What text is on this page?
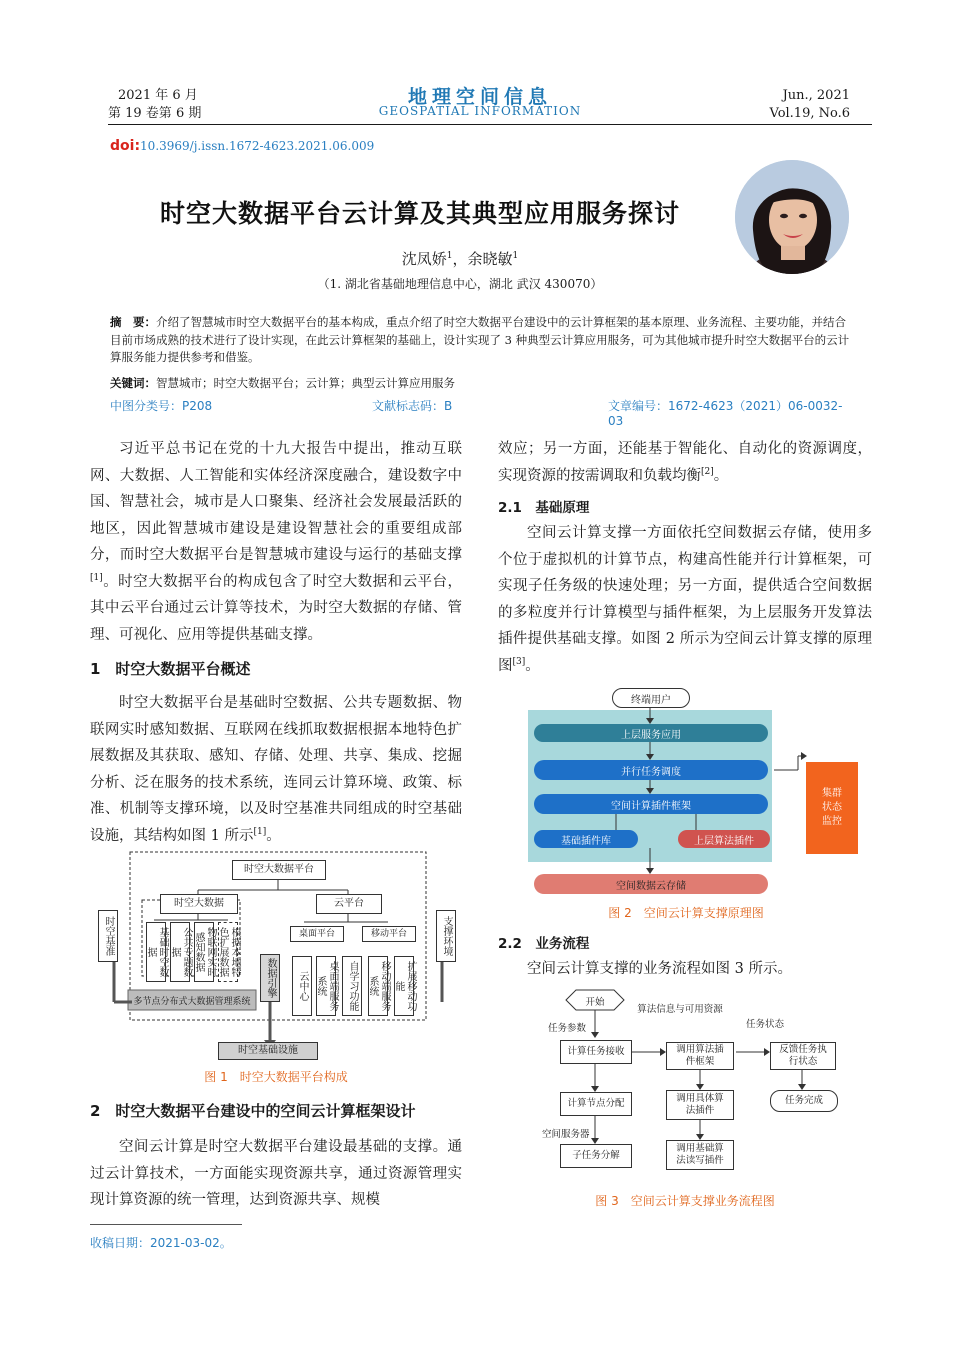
2021 年 6 月
第 19 卷第 6 期
地理空间信息
GEOSPATIAL INFORMATION
Jun., 2021
Vol.19, No.6
doi:10.3969/j.issn.1672-4623.2021.06.009
时空大数据平台云计算及其典型应用服务探讨
沈凤娇$^1$，余晓敏$^1$
（1. 湖北省基础地理信息中心，湖北 武汉 430070）
摘　要：介绍了智慧城市时空大数据平台的基本构成，重点介绍了时空大数据平台建设中的云计算框架的基本原理、业务流程、主要功能，并结合目前市场成熟的技术进行了设计实现，在此云计算框架的基础上，设计实现了 3 种典型云计算应用服务，可为其他城市提升时空大数据平台的云计算服务能力提供参考和借鉴。
关键词：智慧城市；时空大数据平台；云计算；典型云计算应用服务
中图分类号：P208	文献标志码：B	文章编号：1672-4623（2021）06-0032-03
习近平总书记在党的十九大报告中提出，推动互联网、大数据、人工智能和实体经济深度融合，建设数字中国、智慧社会，城市是人口聚集、经济社会发展最活跃的地区，因此智慧城市建设是建设智慧社会的重要组成部分，而时空大数据平台是智慧城市建设与运行的基础支撑[1]。时空大数据平台的构成包含了时空大数据和云平台，其中云平台通过云计算等技术，为时空大数据的存储、管理、可视化、应用等提供基础支撑。
1　时空大数据平台概述
时空大数据平台是基础时空数据、公共专题数据、物联网实时感知数据、互联网在线抓取数据根据本地特色扩展数据及其获取、感知、存储、处理、共享、集成、挖掘分析、泛在服务的技术系统，连同云计算环境、政策、标准、机制等支撑环境，以及时空基准共同组成的时空基础设施，其结构如图 1 所示[1]。
时空大数据平台
时空大数据	云平台
时空基准	支撑环境
基础时空数据	公共专题数据	物联网实时感知数据	根据本地特色扩展数据
数据引擎
桌面平台	移动平台
云中心	桌面端服务系统	自学习功能	移动端服务系统	扩展移动功能
多节点分布式大数据管理系统
时空基础设施
图 1　时空大数据平台构成
2　时空大数据平台建设中的空间云计算框架设计
空间云计算是时空大数据平台建设最基础的支撑。通过云计算技术，一方面能实现资源共享，通过资源管理实现计算资源的统一管理，达到资源共享、规模
收稿日期：2021-03-02。
效应；另一方面，还能基于智能化、自动化的资源调度，实现资源的按需调取和负载均衡[2]。
2.1　基础原理
空间云计算支撑一方面依托空间数据云存储，使用多个位于虚拟机的计算节点，构建高性能并行计算框架，可实现子任务级的快速处理；另一方面，提供适合空间数据的多粒度并行计算模型与插件框架，为上层服务开发算法插件提供基础支撑。如图 2 所示为空间云计算支撑的原理图[3]。
终端用户
上层服务应用
并行任务调度
空间计算插件框架
基础插件库	上层算法插件
空间数据云存储
集群状态监控
图 2　空间云计算支撑原理图
2.2　业务流程
空间云计算支撑的业务流程如图 3 所示。
开始
任务参数
算法信息与可用资源
任务状态
空间服务器
计算任务接收
计算节点分配
子任务分解
调用算法插件框架
调用具体算法插件
调用基础算法读写插件
反馈任务执行状态
任务完成
图 3　空间云计算支撑业务流程图
